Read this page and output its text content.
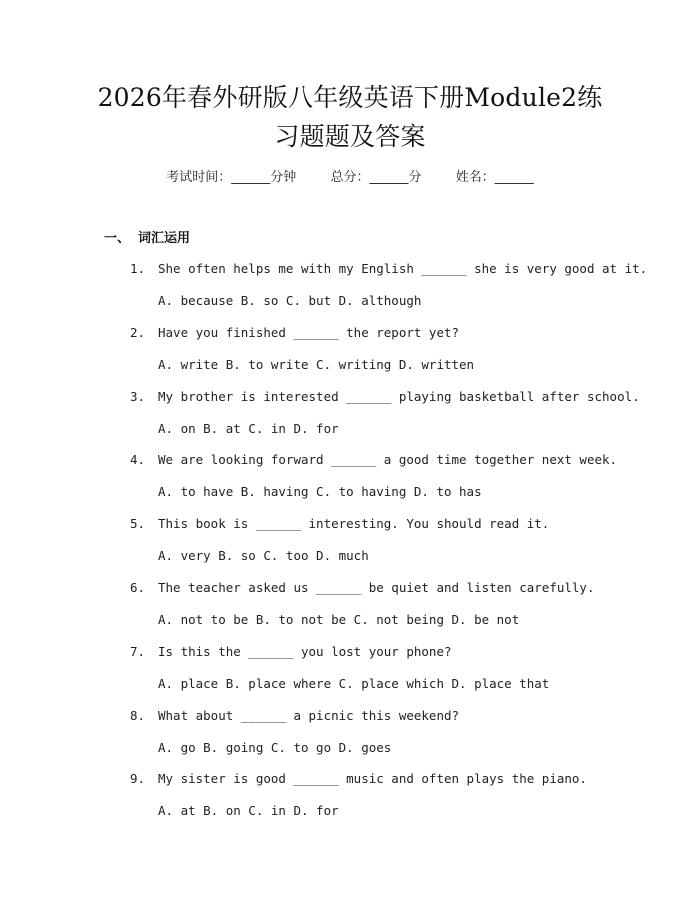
2026年春外研版八年级英语下册Module2练
习题题及答案
考试时间：______分钟	总分：______分	姓名：______
一、 词汇运用
1. She often helps me with my English ______ she is very good at it.
A. because B. so C. but D. although
2. Have you finished ______ the report yet?
A. write B. to write C. writing D. written
3. My brother is interested ______ playing basketball after school.
A. on B. at C. in D. for
4. We are looking forward ______ a good time together next week.
A. to have B. having C. to having D. to has
5. This book is ______ interesting. You should read it.
A. very B. so C. too D. much
6. The teacher asked us ______ be quiet and listen carefully.
A. not to be B. to not be C. not being D. be not
7. Is this the ______ you lost your phone?
A. place B. place where C. place which D. place that
8. What about ______ a picnic this weekend?
A. go B. going C. to go D. goes
9. My sister is good ______ music and often plays the piano.
A. at B. on C. in D. for
